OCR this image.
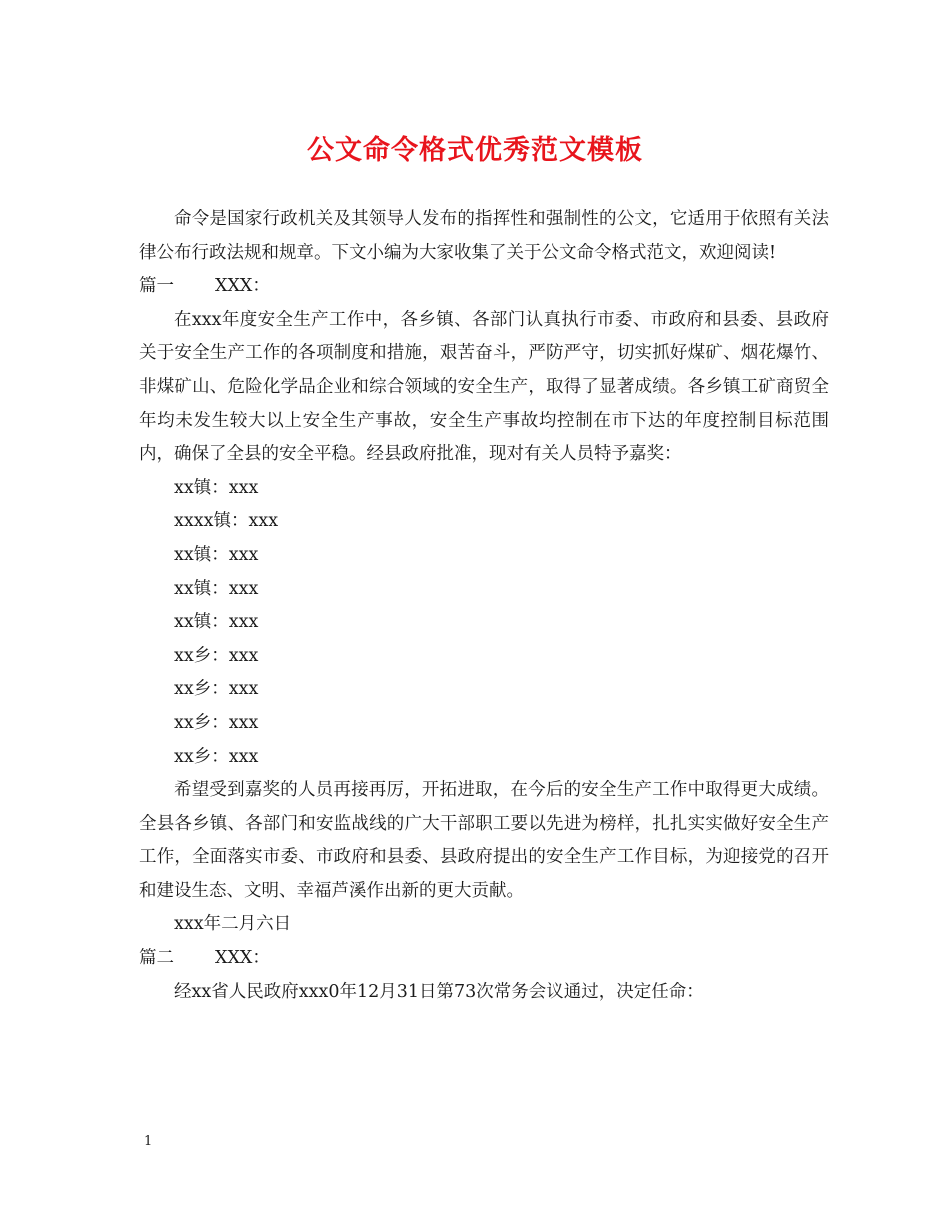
公文命令格式优秀范文模板

命令是国家行政机关及其领导人发布的指挥性和强制性的公文，它适用于依照有关法律公布行政法规和规章。下文小编为大家收集了关于公文命令格式范文，欢迎阅读!

篇一 XXX：

在xxx年度安全生产工作中，各乡镇、各部门认真执行市委、市政府和县委、县政府关于安全生产工作的各项制度和措施，艰苦奋斗，严防严守，切实抓好煤矿、烟花爆竹、非煤矿山、危险化学品企业和综合领域的安全生产，取得了显著成绩。各乡镇工矿商贸全年均未发生较大以上安全生产事故，安全生产事故均控制在市下达的年度控制目标范围内，确保了全县的安全平稳。经县政府批准，现对有关人员特予嘉奖：

xx镇：xxx
xxxx镇：xxx
xx镇：xxx
xx镇：xxx
xx镇：xxx
xx乡：xxx
xx乡：xxx
xx乡：xxx
xx乡：xxx

希望受到嘉奖的人员再接再厉，开拓进取，在今后的安全生产工作中取得更大成绩。全县各乡镇、各部门和安监战线的广大干部职工要以先进为榜样，扎扎实实做好安全生产工作，全面落实市委、市政府和县委、县政府提出的安全生产工作目标，为迎接党的召开和建设生态、文明、幸福芦溪作出新的更大贡献。

xxx年二月六日
篇二 XXX：

经xx省人民政府xxx0年12月31日第73次常务会议通过，决定任命：

1
